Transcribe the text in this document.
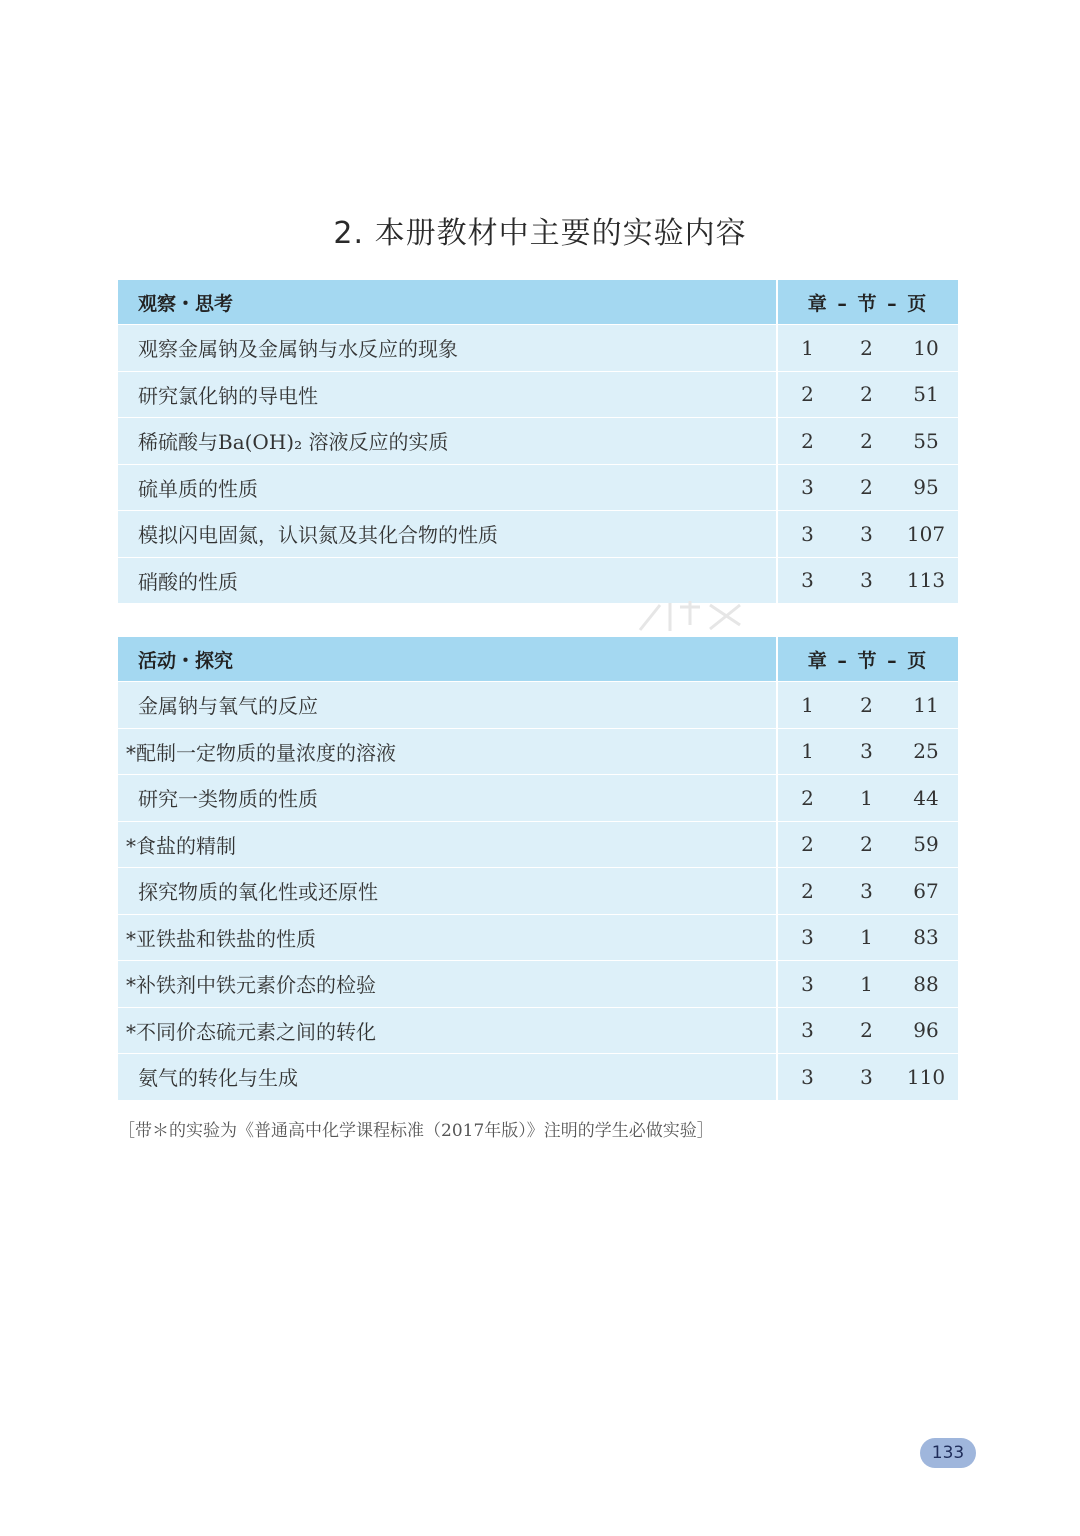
2. 本册教材中主要的实验内容
观察・思考	章 – 节 – 页
观察金属钠及金属钠与水反应的现象	1	2	10
研究氯化钠的导电性	2	2	51
稀硫酸与Ba(OH)₂ 溶液反应的实质	2	2	55
硫单质的性质	3	2	95
模拟闪电固氮，认识氮及其化合物的性质	3	3	107
硝酸的性质	3	3	113
活动・探究	章 – 节 – 页
金属钠与氧气的反应	1	2	11
*配制一定物质的量浓度的溶液	1	3	25
研究一类物质的性质	2	1	44
*食盐的精制	2	2	59
探究物质的氧化性或还原性	2	3	67
*亚铁盐和铁盐的性质	3	1	83
*补铁剂中铁元素价态的检验	3	1	88
*不同价态硫元素之间的转化	3	2	96
氨气的转化与生成	3	3	110
［带＊的实验为《普通高中化学课程标准（2017年版）》注明的学生必做实验］
133
